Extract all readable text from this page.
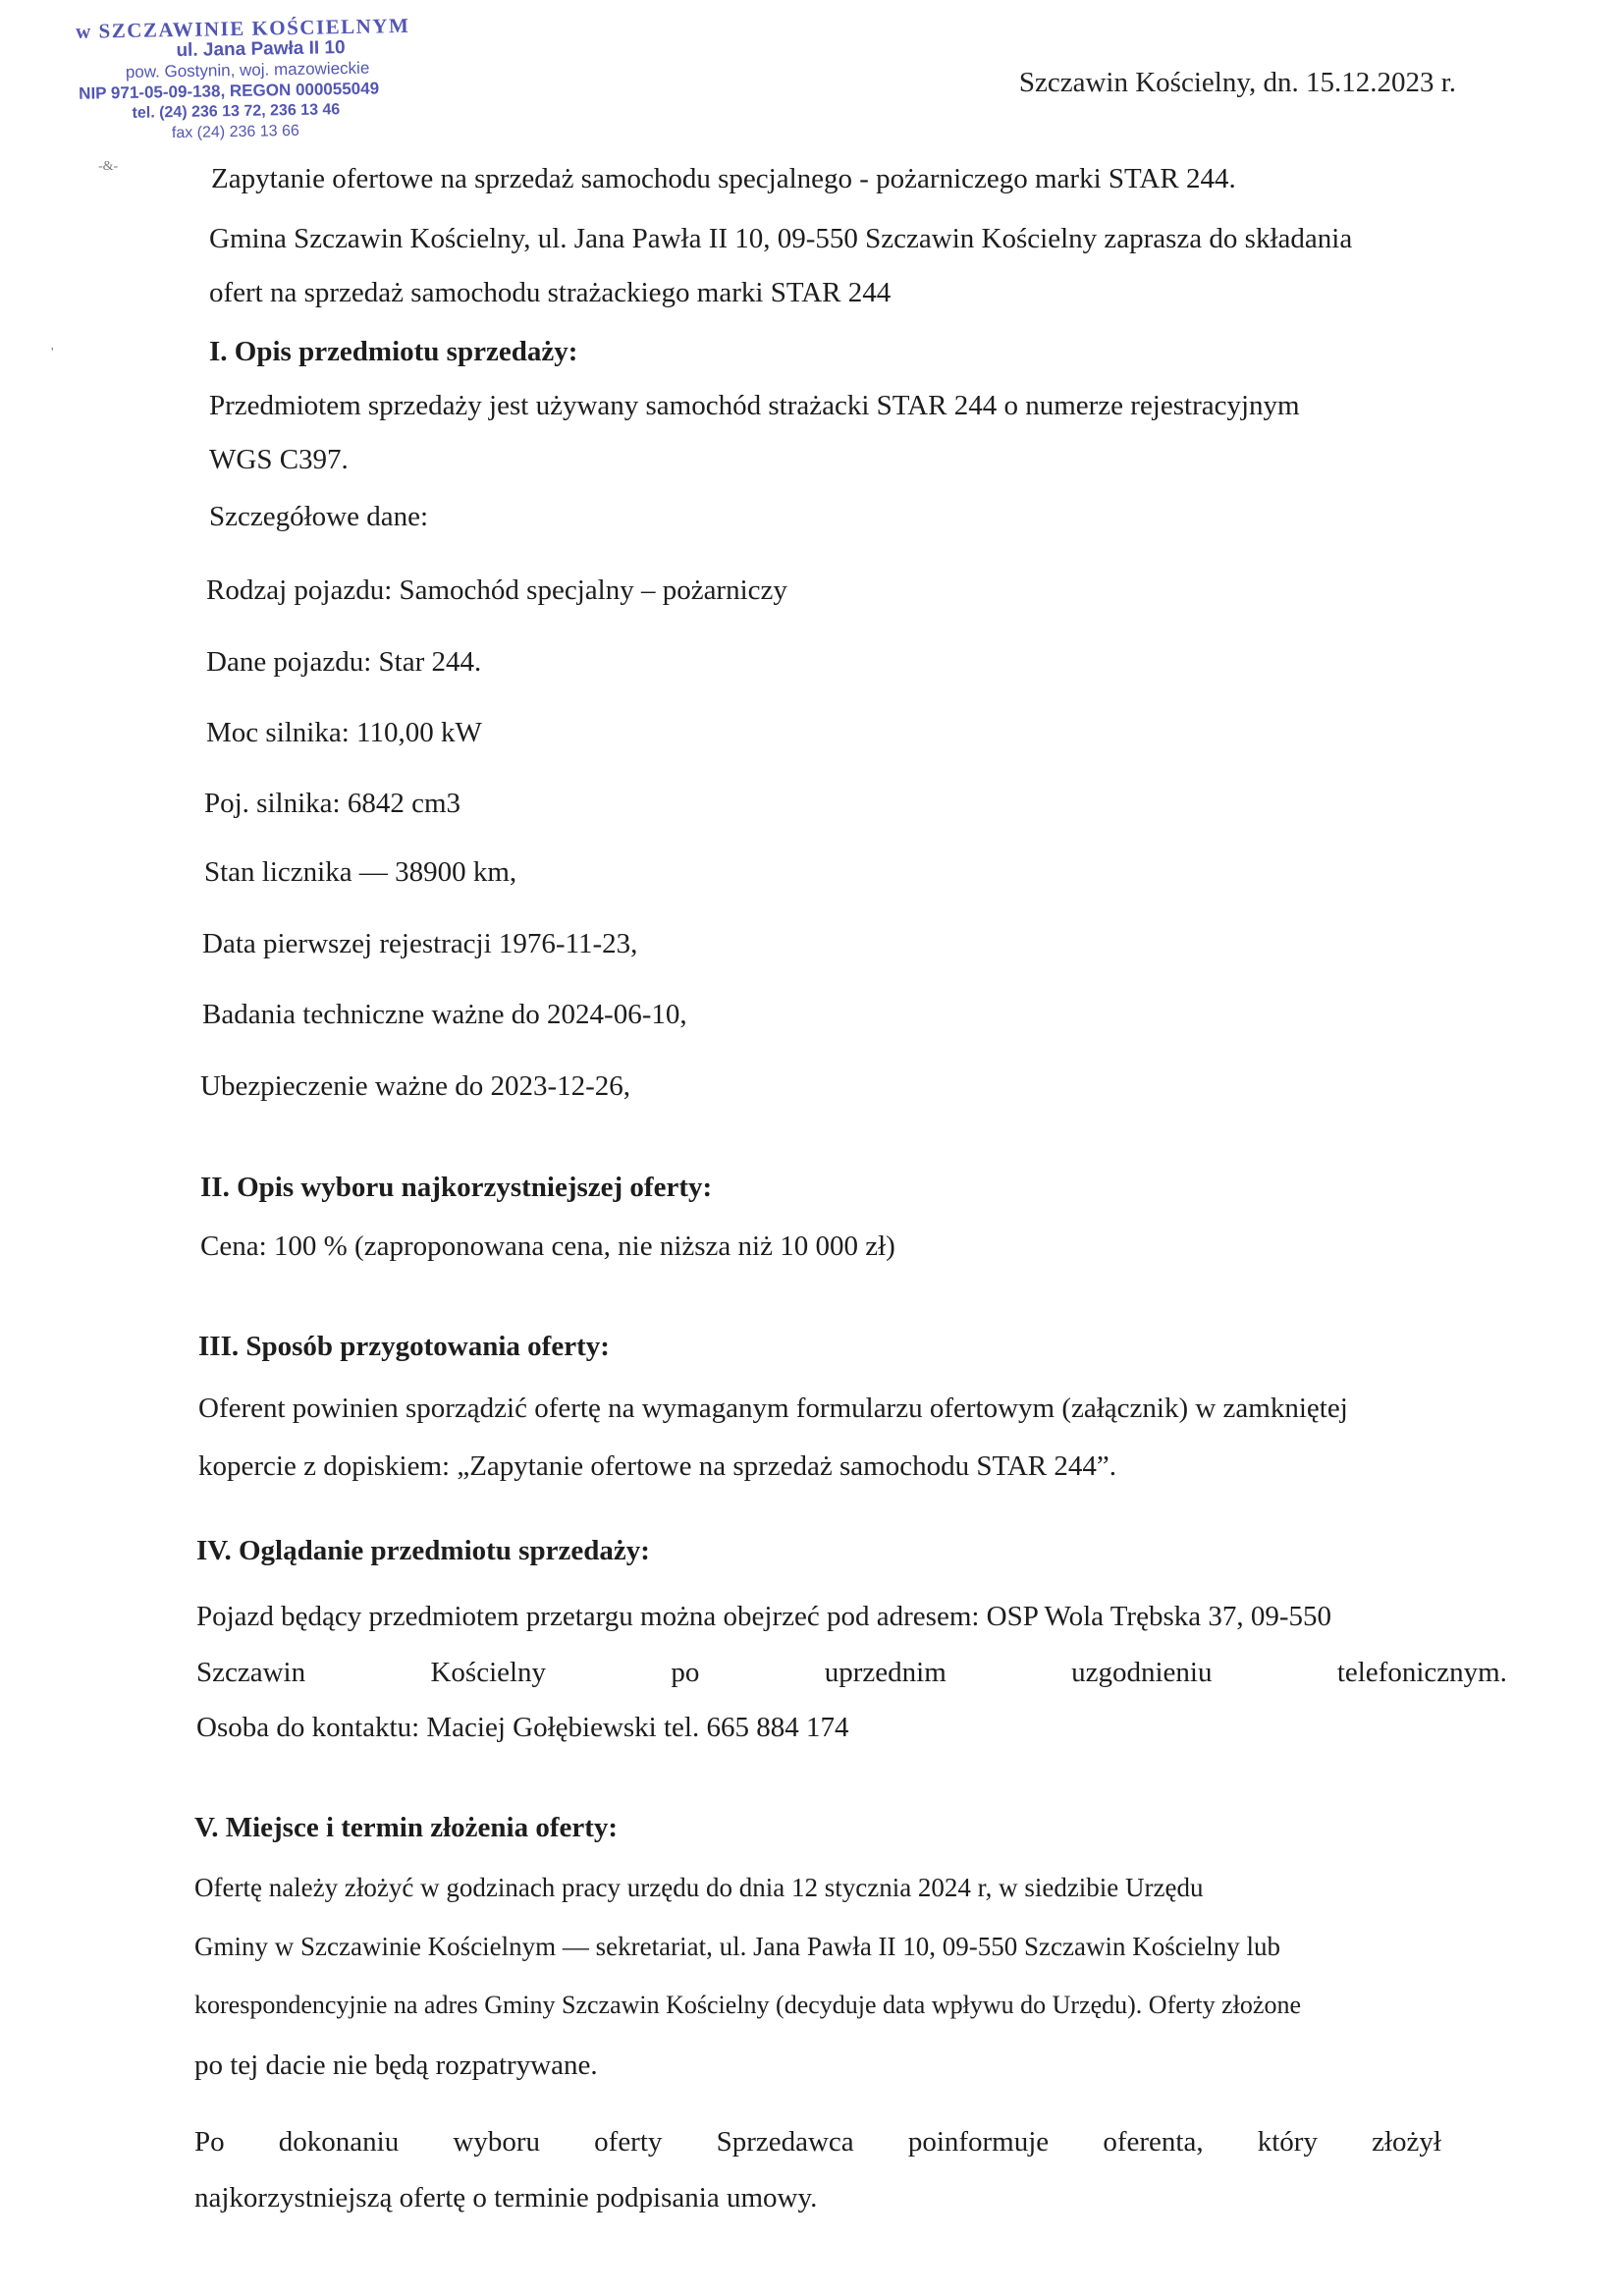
w SZCZAWINIE KOŚCIELNYM
ul. Jana Pawła II 10
pow. Gostynin, woj. mazowieckie
NIP 971-05-09-138, REGON 000055049
tel. (24) 236 13 72, 236 13 46
fax (24) 236 13 66
Szczawin Kościelny, dn. 15.12.2023 r.
-&-
'
Zapytanie ofertowe na sprzedaż samochodu specjalnego - pożarniczego marki STAR 244.
Gmina Szczawin Kościelny, ul. Jana Pawła II 10, 09-550 Szczawin Kościelny zaprasza do składania
ofert na sprzedaż samochodu strażackiego marki STAR 244
I. Opis przedmiotu sprzedaży:
Przedmiotem sprzedaży jest używany samochód strażacki STAR 244 o numerze rejestracyjnym
WGS C397.
Szczegółowe dane:
Rodzaj pojazdu: Samochód specjalny – pożarniczy
Dane pojazdu: Star 244.
Moc silnika: 110,00 kW
Poj. silnika: 6842 cm3
Stan licznika — 38900 km,
Data pierwszej rejestracji 1976-11-23,
Badania techniczne ważne do 2024-06-10,
Ubezpieczenie ważne do 2023-12-26,
II. Opis wyboru najkorzystniejszej oferty:
Cena: 100 % (zaproponowana cena, nie niższa niż 10 000 zł)
III. Sposób przygotowania oferty:
Oferent powinien sporządzić ofertę na wymaganym formularzu ofertowym (załącznik) w zamkniętej
kopercie z dopiskiem: „Zapytanie ofertowe na sprzedaż samochodu STAR 244”.
IV. Oglądanie przedmiotu sprzedaży:
Pojazd będący przedmiotem przetargu można obejrzeć pod adresem: OSP Wola Trębska 37, 09-550
Szczawin	Kościelny	po	uprzednim	uzgodnieniu	telefonicznym.
Osoba do kontaktu: Maciej Gołębiewski tel. 665 884 174
V. Miejsce i termin złożenia oferty:
Ofertę należy złożyć w godzinach pracy urzędu do dnia 12 stycznia 2024 r, w siedzibie Urzędu
Gminy w Szczawinie Kościelnym — sekretariat, ul. Jana Pawła II 10, 09-550 Szczawin Kościelny lub
korespondencyjnie na adres Gminy Szczawin Kościelny (decyduje data wpływu do Urzędu). Oferty złożone
po tej dacie nie będą rozpatrywane.
Po dokonaniu wyboru oferty Sprzedawca poinformuje oferenta, który złożył
najkorzystniejszą ofertę o terminie podpisania umowy.
